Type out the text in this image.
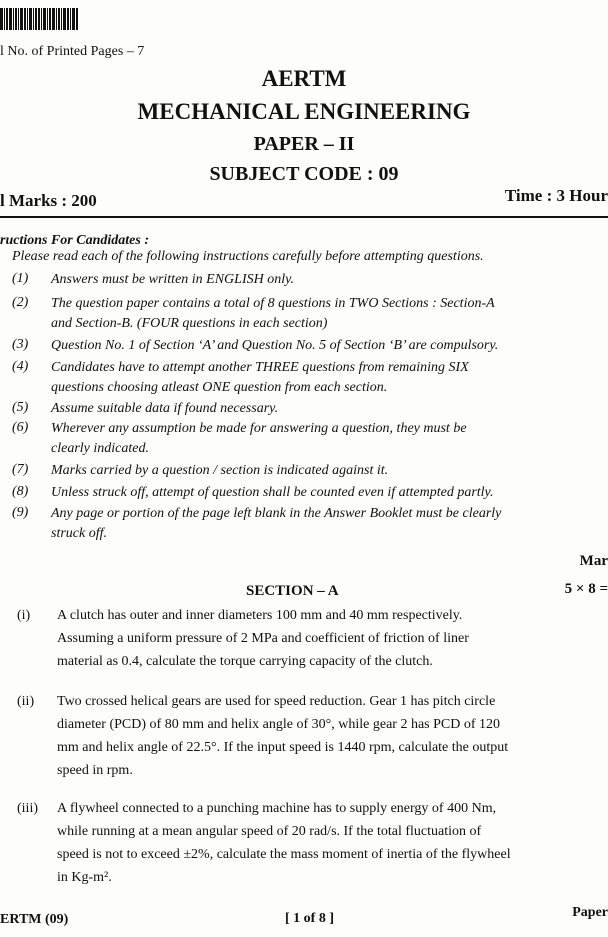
l No. of Printed Pages – 7
AERTM
MECHANICAL ENGINEERING
PAPER – II
SUBJECT CODE : 09
l Marks : 200	Time : 3 Hour
ructions For Candidates :
Please read each of the following instructions carefully before attempting questions.
(1) Answers must be written in ENGLISH only.
(2) The question paper contains a total of 8 questions in TWO Sections : Section-A
and Section-B. (FOUR questions in each section)
(3) Question No. 1 of Section ‘A’ and Question No. 5 of Section ‘B’ are compulsory.
(4) Candidates have to attempt another THREE questions from remaining SIX
questions choosing atleast ONE question from each section.
(5) Assume suitable data if found necessary.
(6) Wherever any assumption be made for answering a question, they must be
clearly indicated.
(7) Marks carried by a question / section is indicated against it.
(8) Unless struck off, attempt of question shall be counted even if attempted partly.
(9) Any page or portion of the page left blank in the Answer Booklet must be clearly
struck off.
Mar
SECTION – A	5 × 8 =
(i) A clutch has outer and inner diameters 100 mm and 40 mm respectively.
Assuming a uniform pressure of 2 MPa and coefficient of friction of liner
material as 0.4, calculate the torque carrying capacity of the clutch.
(ii) Two crossed helical gears are used for speed reduction. Gear 1 has pitch circle
diameter (PCD) of 80 mm and helix angle of 30°, while gear 2 has PCD of 120
mm and helix angle of 22.5°. If the input speed is 1440 rpm, calculate the output
speed in rpm.
(iii) A flywheel connected to a punching machine has to supply energy of 400 Nm,
while running at a mean angular speed of 20 rad/s. If the total fluctuation of
speed is not to exceed ±2%, calculate the mass moment of inertia of the flywheel
in Kg-m².
ERTM (09)	[ 1 of 8 ]	Paper
